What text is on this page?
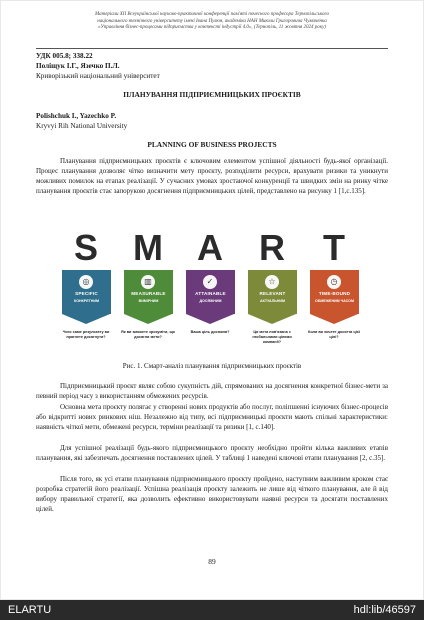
Матеріали XII Всеукраїнської науково-практичної конференції пам'яті почесного професора Тернопільського
національного технічного університету імені Івана Пулюя, академіка НАН Миколи Григоровича Чумаченка
«Управління бізнес-процесами підприємства у контексті індустрії 4.0», (Тернопіль, 11 жовтня 2024 року)
УДК 005.8; 338.22
Поліщук І.Г., Язечко П.Л.
Криворізький національний університет
ПЛАНУВАННЯ ПІДПРИЄМНИЦЬКИХ ПРОЄКТІВ
Polishchuk I., Yazechko P.
Kryvyi Rih National University
PLANNING OF BUSINESS PROJECTS
Планування підприємницьких проєктів є ключовим елементом успішної діяльності будь-якої організації. Процес планування дозволяє чітко визначити мету проєкту, розподілити ресурси, врахувати ризики та уникнути можливих помилок на етапах реалізації. У сучасних умовах зростаючої конкуренції та швидких змін на ринку чітке планування проєктів стає запорукою досягнення підприємницьких цілей, представлено на рисунку 1 [1,с.135].
S M A R T
◎
SPECIFIC
КОНКРЕТНИМ
▥
MEASURABLE
ВИМІРНИМ
✓
ATTAINABLE
ДОСЯЖНИМ
☆
RELEVANT
АКТУАЛЬНИМ
◷
TIME-BOUND
ОБМЕЖЕНИМ ЧАСОМ
Чого саме результату ви прагнете досягнути?
Як ви зможете зрозуміти, що досягли мети?
Ваша ціль досяжна?	Ця мета пов'язана з глобальними цілями компанії?
Коли ви хочете досягти цієї цілі?
Рис. 1. Смарт-аналіз планування підприємницьких проєктів
Підприємницький проєкт являє собою сукупність дій, спрямованих на досягнення конкретної бізнес-мети за певний період часу з використанням обмежених ресурсів.
Основна мета проєкту полягає у створенні нових продуктів або послуг, поліпшенні існуючих бізнес-процесів або відкритті нових ринкових ніш. Незалежно від типу, всі підприємницькі проєкти мають спільні характеристики: наявність чіткої мети, обмежені ресурси, терміни реалізації та ризики [1, с.140].
Для успішної реалізації будь-якого підприємницького проєкту необхідно пройти кілька важливих етапів планування, які забезпечать досягнення поставлених цілей. У таблиці 1 наведені ключові етапи планування [2, с.35].
Після того, як усі етапи планування підприємницького проєкту пройдено, наступним важливим кроком стає розробка стратегій його реалізації. Успішна реалізація проєкту залежить не лише від чіткого планування, але й від вибору правильної стратегії, яка дозволить ефективно використовувати наявні ресурси та досягати поставлених цілей.
89
ELARTU	hdl:lib/46597
